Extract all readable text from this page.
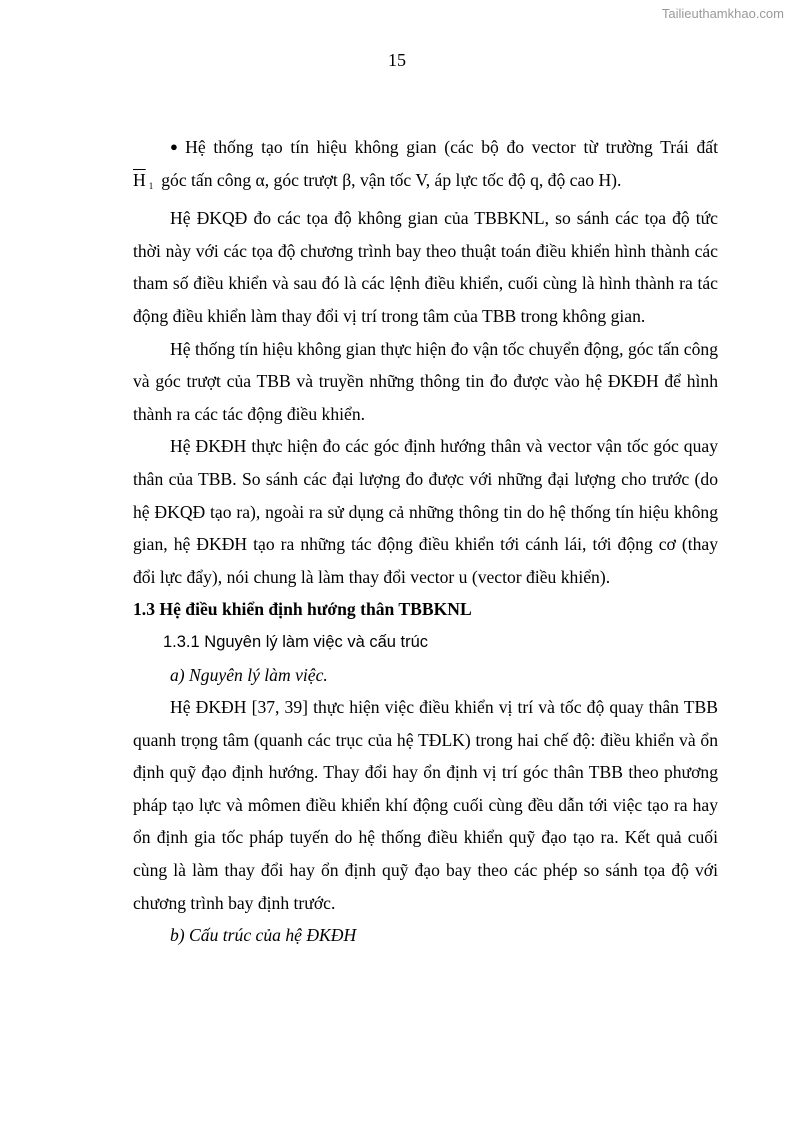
Tailieuthamkhao.com
15

● Hệ thống tạo tín hiệu không gian (các bộ đo vector từ trường Trái đất $\overline{H}$ 1 góc tấn công α, góc trượt β, vận tốc V, áp lực tốc độ q, độ cao H).

Hệ ĐKQĐ đo các tọa độ không gian của TBBKNL, so sánh các tọa độ tức thời này với các tọa độ chương trình bay theo thuật toán điều khiển hình thành các tham số điều khiển và sau đó là các lệnh điều khiển, cuối cùng là hình thành ra tác động điều khiển làm thay đổi vị trí trong tâm của TBB trong không gian.

Hệ thống tín hiệu không gian thực hiện đo vận tốc chuyển động, góc tấn công và góc trượt của TBB và truyền những thông tin đo được vào hệ ĐKĐH để hình thành ra các tác động điều khiển.

Hệ ĐKĐH thực hiện đo các góc định hướng thân và vector vận tốc góc quay thân của TBB. So sánh các đại lượng đo được với những đại lượng cho trước (do hệ ĐKQĐ tạo ra), ngoài ra sử dụng cả những thông tin do hệ thống tín hiệu không gian, hệ ĐKĐH tạo ra những tác động điều khiển tới cánh lái, tới động cơ (thay đổi lực đẩy), nói chung là làm thay đổi vector u (vector điều khiển).

1.3 Hệ điều khiển định hướng thân TBBKNL

1.3.1 Nguyên lý làm việc và cấu trúc

a) Nguyên lý làm việc.

Hệ ĐKĐH [37, 39] thực hiện việc điều khiển vị trí và tốc độ quay thân TBB quanh trọng tâm (quanh các trục của hệ TĐLK) trong hai chế độ: điều khiển và ổn định quỹ đạo định hướng. Thay đổi hay ổn định vị trí góc thân TBB theo phương pháp tạo lực và mômen điều khiển khí động cuối cùng đều dẫn tới việc tạo ra hay ổn định gia tốc pháp tuyến do hệ thống điều khiển quỹ đạo tạo ra. Kết quả cuối cùng là làm thay đổi hay ổn định quỹ đạo bay theo các phép so sánh tọa độ với chương trình bay định trước.

b) Cấu trúc của hệ ĐKĐH
